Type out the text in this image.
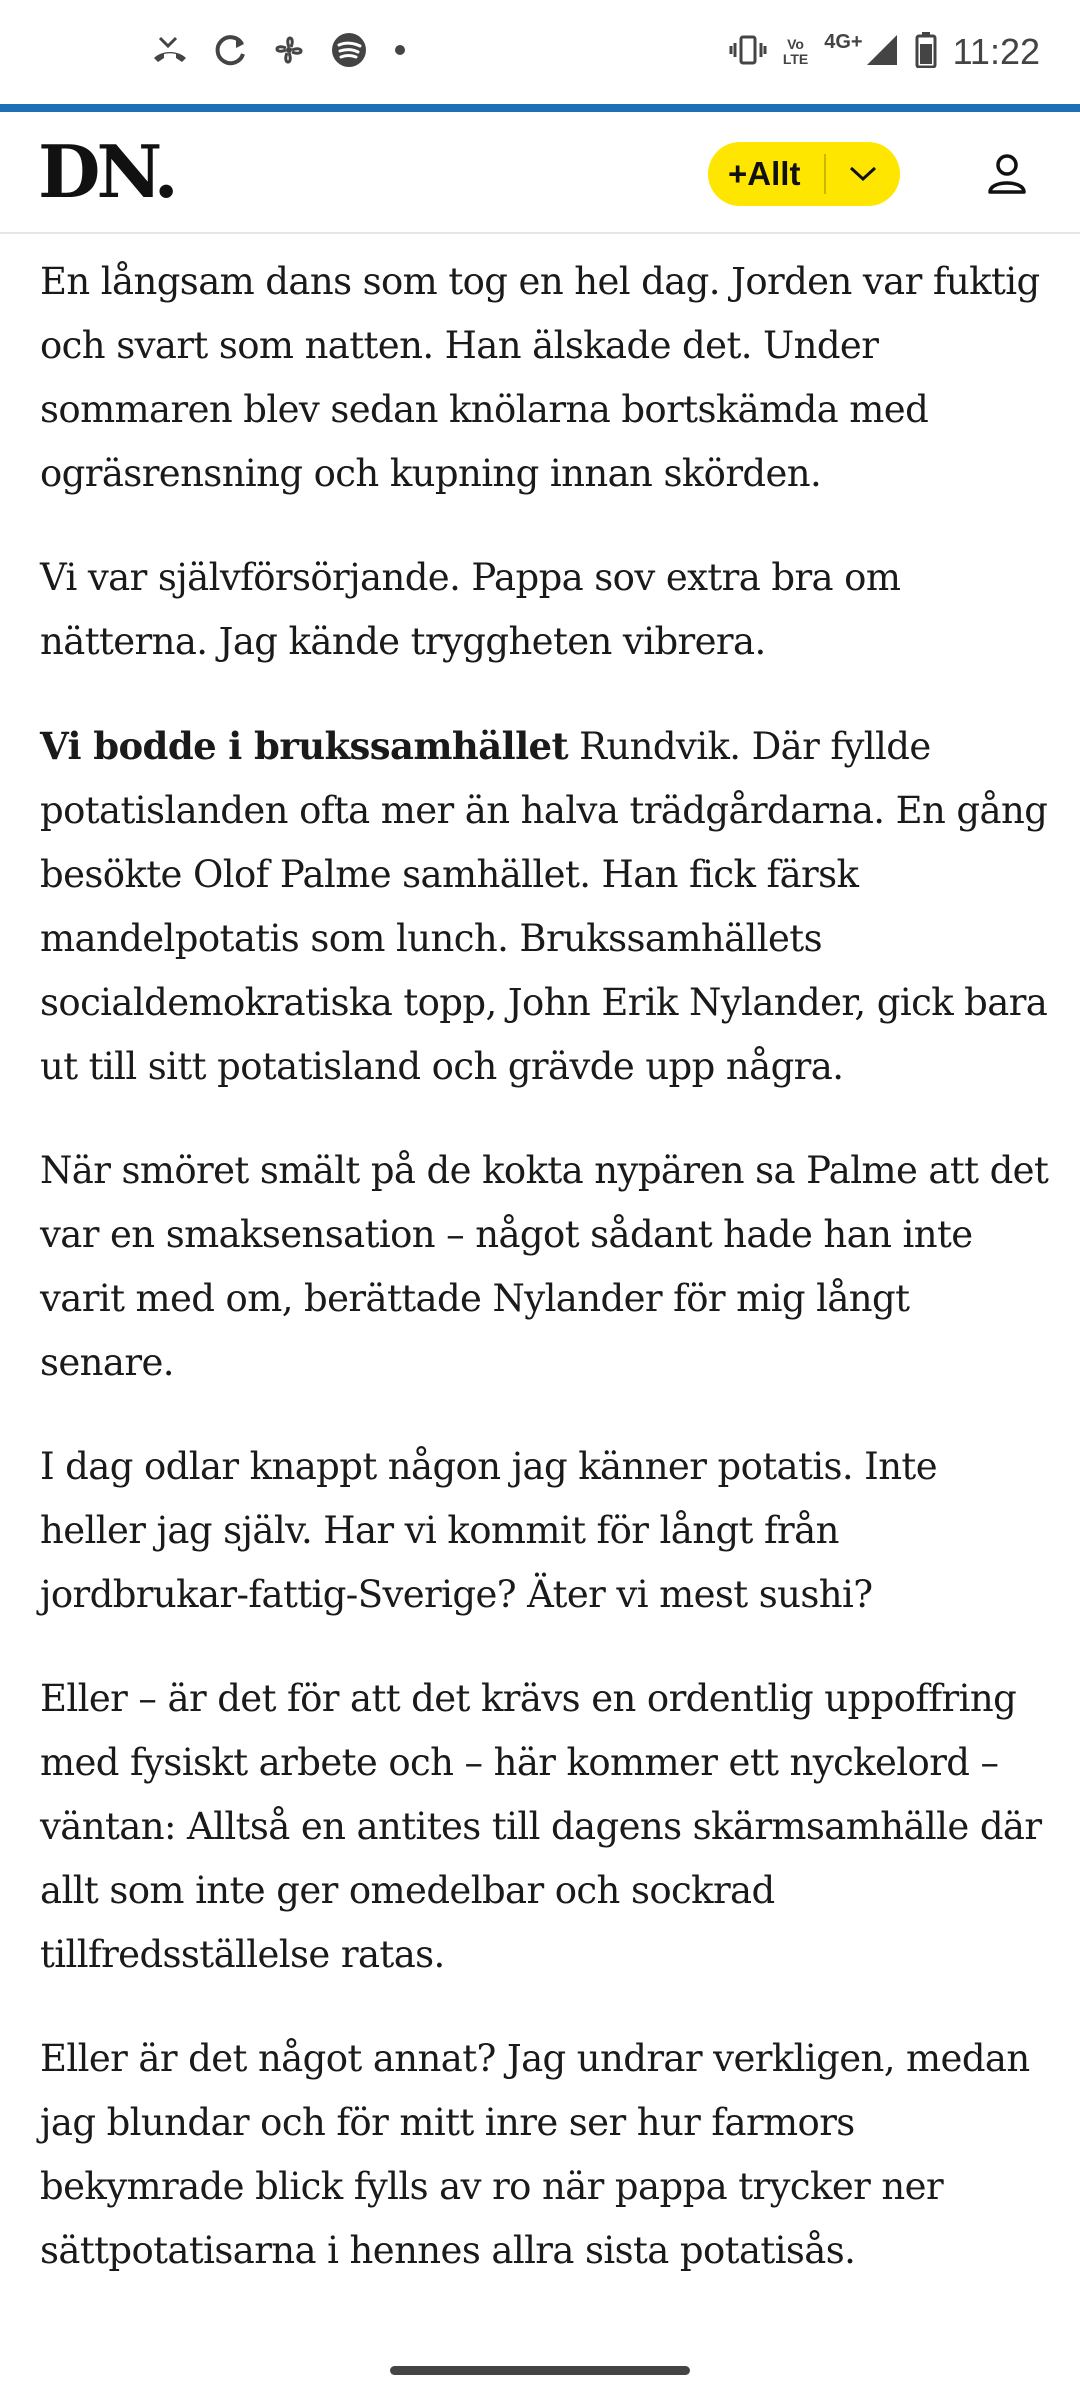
Vo
LTE
4G+	11:22
DN.	+Allt

En långsam dans som tog en hel dag. Jorden var fuktig och svart som natten. Han älskade det. Under sommaren blev sedan knölarna bortskämda med ogräsrensning och kupning innan skörden.

Vi var självförsörjande. Pappa sov extra bra om nätterna. Jag kände tryggheten vibrera.

Vi bodde i brukssamhället Rundvik. Där fyllde potatislanden ofta mer än halva trädgårdarna. En gång besökte Olof Palme samhället. Han fick färsk mandelpotatis som lunch. Brukssamhällets socialdemokratiska topp, John Erik Nylander, gick bara ut till sitt potatisland och grävde upp några.

När smöret smält på de kokta nypären sa Palme att det var en smaksensation – något sådant hade han inte varit med om, berättade Nylander för mig långt senare.

I dag odlar knappt någon jag känner potatis. Inte heller jag själv. Har vi kommit för långt från jordbrukar-fattig-Sverige? Äter vi mest sushi?

Eller – är det för att det krävs en ordentlig uppoffring med fysiskt arbete och – här kommer ett nyckelord – väntan: Alltså en antites till dagens skärmsamhälle där allt som inte ger omedelbar och sockrad tillfredsställelse ratas.

Eller är det något annat? Jag undrar verkligen, medan jag blundar och för mitt inre ser hur farmors bekymrade blick fylls av ro när pappa trycker ner sättpotatisarna i hennes allra sista potatisås.
